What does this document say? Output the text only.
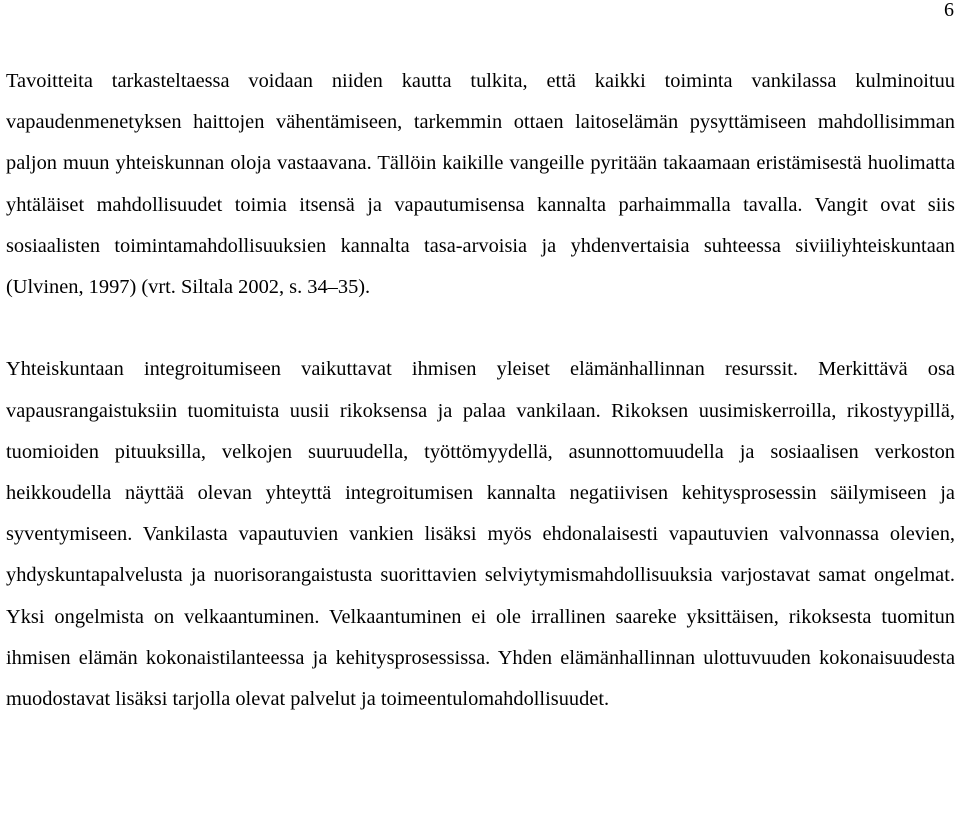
6

Tavoitteita tarkasteltaessa voidaan niiden kautta tulkita, että kaikki toiminta vankilassa kulminoituu vapaudenmenetyksen haittojen vähentämiseen, tarkemmin ottaen laitoselämän pysyttämiseen mahdollisimman paljon muun yhteiskunnan oloja vastaavana. Tällöin kaikille vangeille pyritään takaamaan eristämisestä huolimatta yhtäläiset mahdollisuudet toimia itsensä ja vapautumisensa kannalta parhaimmalla tavalla. Vangit ovat siis sosiaalisten toimintamahdollisuuksien kannalta tasa-arvoisia ja yhdenvertaisia suhteessa siviiliyhteiskuntaan (Ulvinen, 1997) (vrt. Siltala 2002, s. 34–35).

Yhteiskuntaan integroitumiseen vaikuttavat ihmisen yleiset elämänhallinnan resurssit. Merkittävä osa vapausrangaistuksiin tuomituista uusii rikoksensa ja palaa vankilaan. Rikoksen uusimiskerroilla, rikostyypillä, tuomioiden pituuksilla, velkojen suuruudella, työttömyydellä, asunnottomuudella ja sosiaalisen verkoston heikkoudella näyttää olevan yhteyttä integroitumisen kannalta negatiivisen kehitysprosessin säilymiseen ja syventymiseen. Vankilasta vapautuvien vankien lisäksi myös ehdonalaisesti vapautuvien valvonnassa olevien, yhdyskuntapalvelusta ja nuorisorangaistusta suorittavien selviytymismahdollisuuksia varjostavat samat ongelmat. Yksi ongelmista on velkaantuminen. Velkaantuminen ei ole irrallinen saareke yksittäisen, rikoksesta tuomitun ihmisen elämän kokonaistilanteessa ja kehitysprosessissa. Yhden elämänhallinnan ulottuvuuden kokonaisuudesta muodostavat lisäksi tarjolla olevat palvelut ja toimeentulomahdollisuudet.
